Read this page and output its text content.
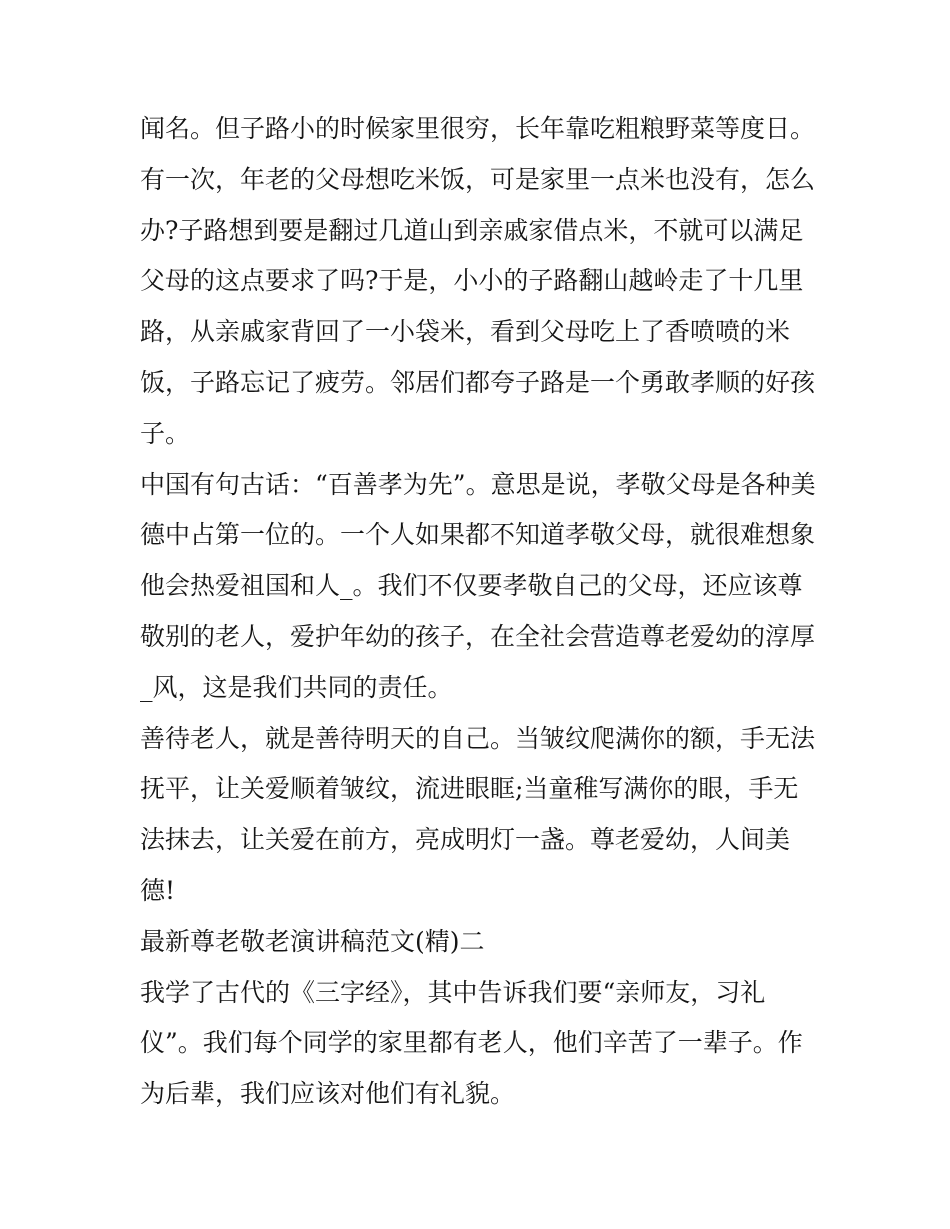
闻名。但子路小的时候家里很穷，长年靠吃粗粮野菜等度日。
有一次，年老的父母想吃米饭，可是家里一点米也没有，怎么
办?子路想到要是翻过几道山到亲戚家借点米，不就可以满足
父母的这点要求了吗?于是，小小的子路翻山越岭走了十几里
路，从亲戚家背回了一小袋米，看到父母吃上了香喷喷的米
饭，子路忘记了疲劳。邻居们都夸子路是一个勇敢孝顺的好孩
子。
中国有句古话：“百善孝为先”。意思是说，孝敬父母是各种美
德中占第一位的。一个人如果都不知道孝敬父母，就很难想象
他会热爱祖国和人_。我们不仅要孝敬自己的父母，还应该尊
敬别的老人，爱护年幼的孩子，在全社会营造尊老爱幼的淳厚
_风，这是我们共同的责任。
善待老人，就是善待明天的自己。当皱纹爬满你的额，手无法
抚平，让关爱顺着皱纹，流进眼眶;当童稚写满你的眼，手无
法抹去，让关爱在前方，亮成明灯一盏。尊老爱幼，人间美
德!
最新尊老敬老演讲稿范文(精)二
我学了古代的《三字经》，其中告诉我们要“亲师友，习礼
仪”。我们每个同学的家里都有老人，他们辛苦了一辈子。作
为后辈，我们应该对他们有礼貌。
